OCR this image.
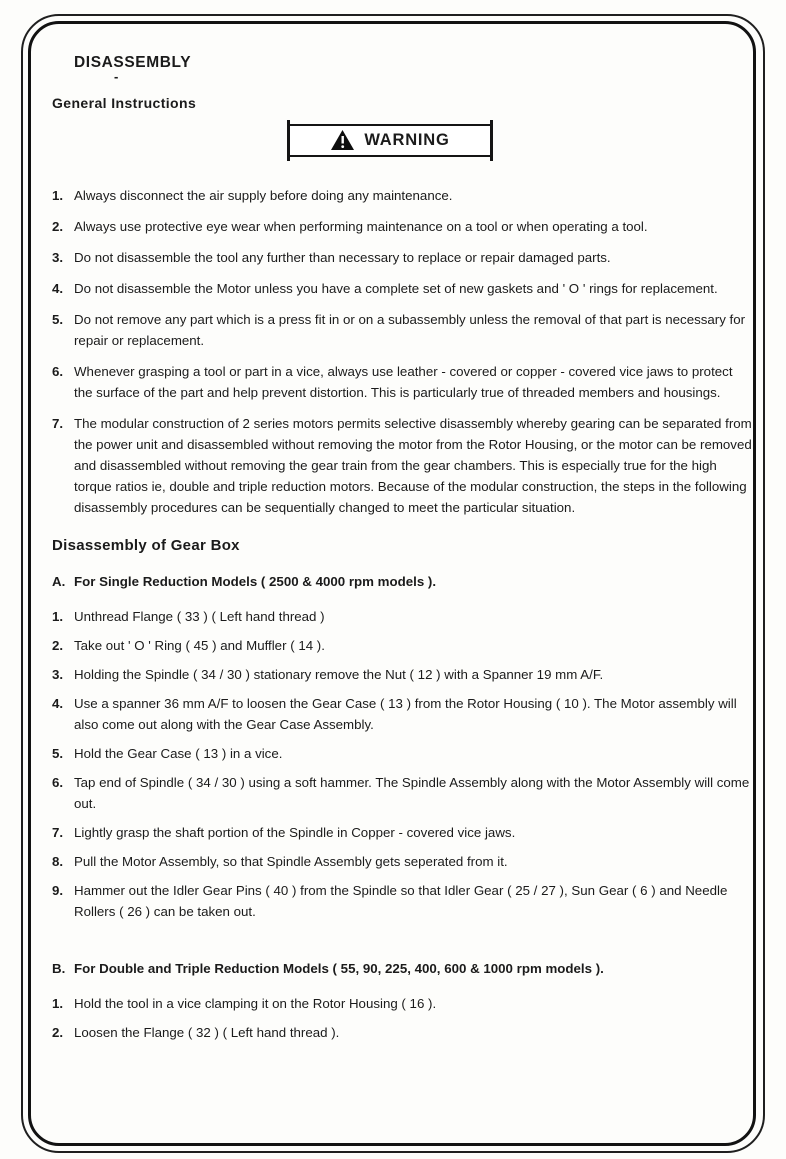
DISASSEMBLY
-
General Instructions
WARNING
1. Always disconnect the air supply before doing any maintenance.
2. Always use protective eye wear when performing maintenance on a tool or when operating a tool.
3. Do not disassemble the tool any further than necessary to replace or repair damaged parts.
4. Do not disassemble the Motor unless you have a complete set of new gaskets and ' O ' rings for replacement.
5. Do not remove any part which is a press fit in or on a subassembly unless the removal of that part is necessary for repair or replacement.
6. Whenever grasping a tool or part in a vice, always use leather - covered or copper - covered vice jaws to protect the surface of the part and help prevent distortion. This is particularly true of threaded members and housings.
7. The modular construction of 2 series motors permits selective disassembly whereby gearing can be separated from the power unit and disassembled without removing the motor from the Rotor Housing, or the motor can be removed and disassembled without removing the gear train from the gear chambers. This is especially true for the high torque ratios ie, double and triple reduction motors. Because of the modular construction, the steps in the following disassembly procedures can be sequentially changed to meet the particular situation.
Disassembly of Gear Box
A. For Single Reduction Models ( 2500 & 4000 rpm models ).
1. Unthread Flange ( 33 ) ( Left hand thread )
2. Take out ' O ' Ring ( 45 ) and Muffler ( 14 ).
3. Holding the Spindle ( 34 / 30 ) stationary remove the Nut ( 12 ) with a Spanner 19 mm A/F.
4. Use a spanner 36 mm A/F to loosen the Gear Case ( 13 ) from the Rotor Housing ( 10 ). The Motor assembly will also come out along with the Gear Case Assembly.
5. Hold the Gear Case ( 13 ) in a vice.
6. Tap end of Spindle ( 34 / 30 ) using a soft hammer. The Spindle Assembly along with the Motor Assembly will come out.
7. Lightly grasp the shaft portion of the Spindle in Copper - covered vice jaws.
8. Pull the Motor Assembly, so that Spindle Assembly gets seperated from it.
9. Hammer out the Idler Gear Pins ( 40 ) from the Spindle so that Idler Gear ( 25 / 27 ), Sun Gear ( 6 ) and Needle Rollers ( 26 ) can be taken out.
B. For Double and Triple Reduction Models ( 55, 90, 225, 400, 600 & 1000 rpm models ).
1. Hold the tool in a vice clamping it on the Rotor Housing ( 16 ).
2. Loosen the Flange ( 32 ) ( Left hand thread ).
